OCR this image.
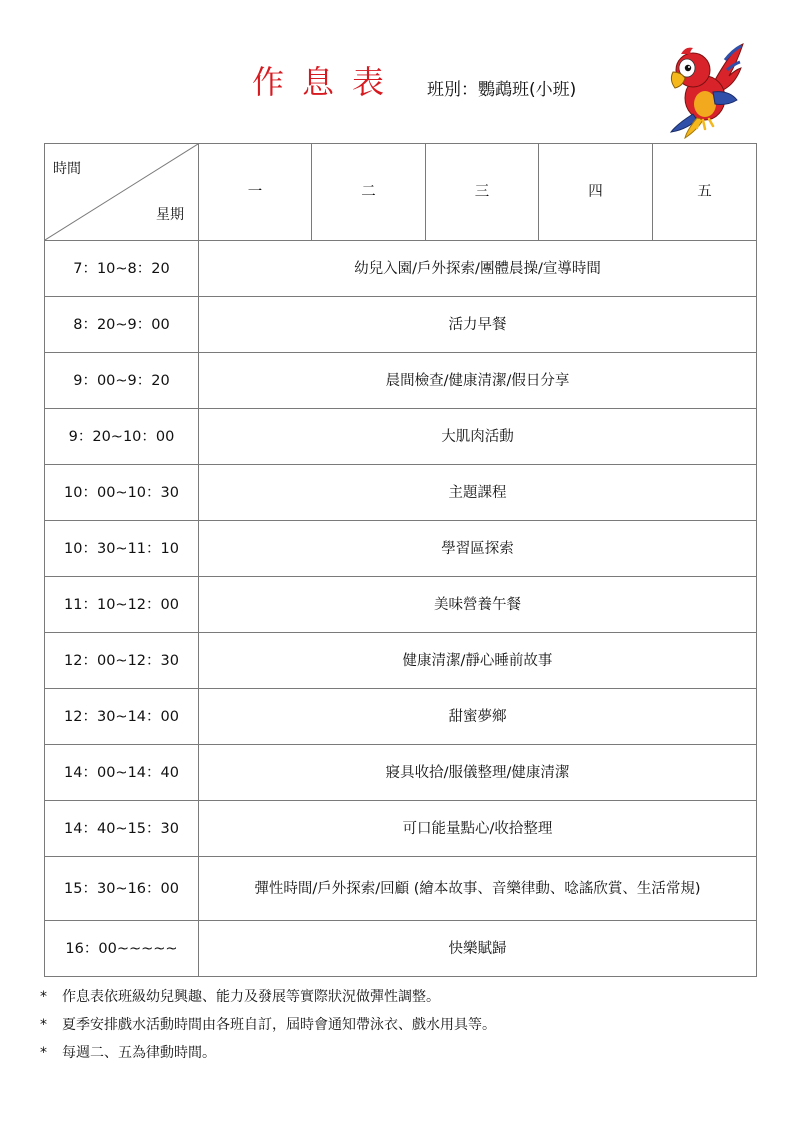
作息表 班別：鸚鵡班(小班)
時間
星期	一	二	三	四	五
7：10~8：20	幼兒入園/戶外探索/團體晨操/宣導時間				
8：20~9：00	活力早餐				
9：00~9：20	晨間檢查/健康清潔/假日分享				
9：20~10：00	大肌肉活動				
10：00~10：30	主題課程				
10：30~11：10	學習區探索				
11：10~12：00	美味營養午餐				
12：00~12：30	健康清潔/靜心睡前故事				
12：30~14：00	甜蜜夢鄉				
14：00~14：40	寢具收拾/服儀整理/健康清潔				
14：40~15：30	可口能量點心/收拾整理				
15：30~16：00	彈性時間/戶外探索/回顧 (繪本故事、音樂律動、唸謠欣賞、生活常規)				
16：00~~~~~	快樂賦歸				
*	作息表依班級幼兒興趣、能力及發展等實際狀況做彈性調整。
*	夏季安排戲水活動時間由各班自訂，屆時會通知帶泳衣、戲水用具等。
*	每週二、五為律動時間。
